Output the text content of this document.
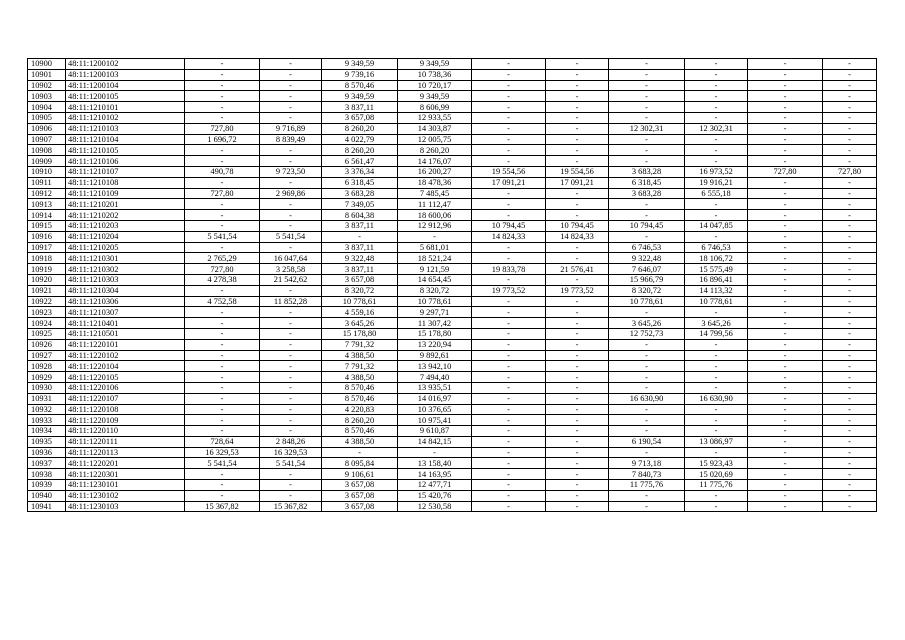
10900	48:11:1200102	-	-	9 349,59	9 349,59	-	-	-	-	-	-
10901	48:11:1200103	-	-	9 739,16	10 738,36	-	-	-	-	-	-
10902	48:11:1200104	-	-	8 570,46	10 720,17	-	-	-	-	-	-
10903	48:11:1200105	-	-	9 349,59	9 349,59	-	-	-	-	-	-
10904	48:11:1210101	-	-	3 837,11	8 606,99	-	-	-	-	-	-
10905	48:11:1210102	-	-	3 657,08	12 933,55	-	-	-	-	-	-
10906	48:11:1210103	727,80	9 716,89	8 260,20	14 303,87	-	-	12 302,31	12 302,31	-	-
10907	48:11:1210104	1 696,72	8 839,49	4 022,79	12 005,75	-	-	-	-	-	-
10908	48:11:1210105	-	-	8 260,20	8 260,20	-	-	-	-	-	-
10909	48:11:1210106	-	-	6 561,47	14 176,07	-	-	-	-	-	-
10910	48:11:1210107	490,78	9 723,50	3 376,34	16 200,27	19 554,56	19 554,56	3 683,28	16 973,52	727,80	727,80
10911	48:11:1210108	-	-	6 318,45	18 478,36	17 091,21	17 091,21	6 318,45	19 916,21	-	-
10912	48:11:1210109	727,80	2 969,86	3 683,28	7 485,45	-	-	3 683,28	6 555,18	-	-
10913	48:11:1210201	-	-	7 349,05	11 112,47	-	-	-	-	-	-
10914	48:11:1210202	-	-	8 604,38	18 600,06	-	-	-	-	-	-
10915	48:11:1210203	-	-	3 837,11	12 912,96	10 794,45	10 794,45	10 794,45	14 047,85	-	-
10916	48:11:1210204	5 541,54	5 541,54	-	-	14 824,33	14 824,33	-	-	-	-
10917	48:11:1210205	-	-	3 837,11	5 681,01	-	-	6 746,53	6 746,53	-	-
10918	48:11:1210301	2 765,29	16 047,64	9 322,48	18 521,24	-	-	9 322,48	18 106,72	-	-
10919	48:11:1210302	727,80	3 258,58	3 837,11	9 121,59	19 833,78	21 576,41	7 646,07	15 575,49	-	-
10920	48:11:1210303	4 278,38	21 542,62	3 657,08	14 654,45	-	-	15 966,79	16 896,41	-	-
10921	48:11:1210304	-	-	8 320,72	8 320,72	19 773,52	19 773,52	8 320,72	14 113,32	-	-
10922	48:11:1210306	4 752,58	11 852,28	10 778,61	10 778,61	-	-	10 778,61	10 778,61	-	-
10923	48:11:1210307	-	-	4 559,16	9 297,71	-	-	-	-	-	-
10924	48:11:1210401	-	-	3 645,26	11 307,42	-	-	3 645,26	3 645,26	-	-
10925	48:11:1210501	-	-	15 178,80	15 178,80	-	-	12 752,73	14 799,56	-	-
10926	48:11:1220101	-	-	7 791,32	13 220,94	-	-	-	-	-	-
10927	48:11:1220102	-	-	4 388,50	9 892,61	-	-	-	-	-	-
10928	48:11:1220104	-	-	7 791,32	13 942,10	-	-	-	-	-	-
10929	48:11:1220105	-	-	4 388,50	7 494,40	-	-	-	-	-	-
10930	48:11:1220106	-	-	8 570,46	13 935,51	-	-	-	-	-	-
10931	48:11:1220107	-	-	8 570,46	14 016,97	-	-	16 630,90	16 630,90	-	-
10932	48:11:1220108	-	-	4 220,83	10 376,65	-	-	-	-	-	-
10933	48:11:1220109	-	-	8 260,20	10 975,41	-	-	-	-	-	-
10934	48:11:1220110	-	-	8 570,46	9 610,87	-	-	-	-	-	-
10935	48:11:1220111	728,64	2 848,26	4 388,50	14 842,15	-	-	6 190,54	13 086,97	-	-
10936	48:11:1220113	16 329,53	16 329,53	-	-	-	-	-	-	-	-
10937	48:11:1220201	5 541,54	5 541,54	8 095,84	13 158,40	-	-	9 713,18	15 923,43	-	-
10938	48:11:1220301	-	-	9 106,61	14 163,95	-	-	7 840,73	15 020,69	-	-
10939	48:11:1230101	-	-	3 657,08	12 477,71	-	-	11 775,76	11 775,76	-	-
10940	48:11:1230102	-	-	3 657,08	15 420,76	-	-	-	-	-	-
10941	48:11:1230103	15 367,82	15 367,82	3 657,08	12 530,58	-	-	-	-	-	-
